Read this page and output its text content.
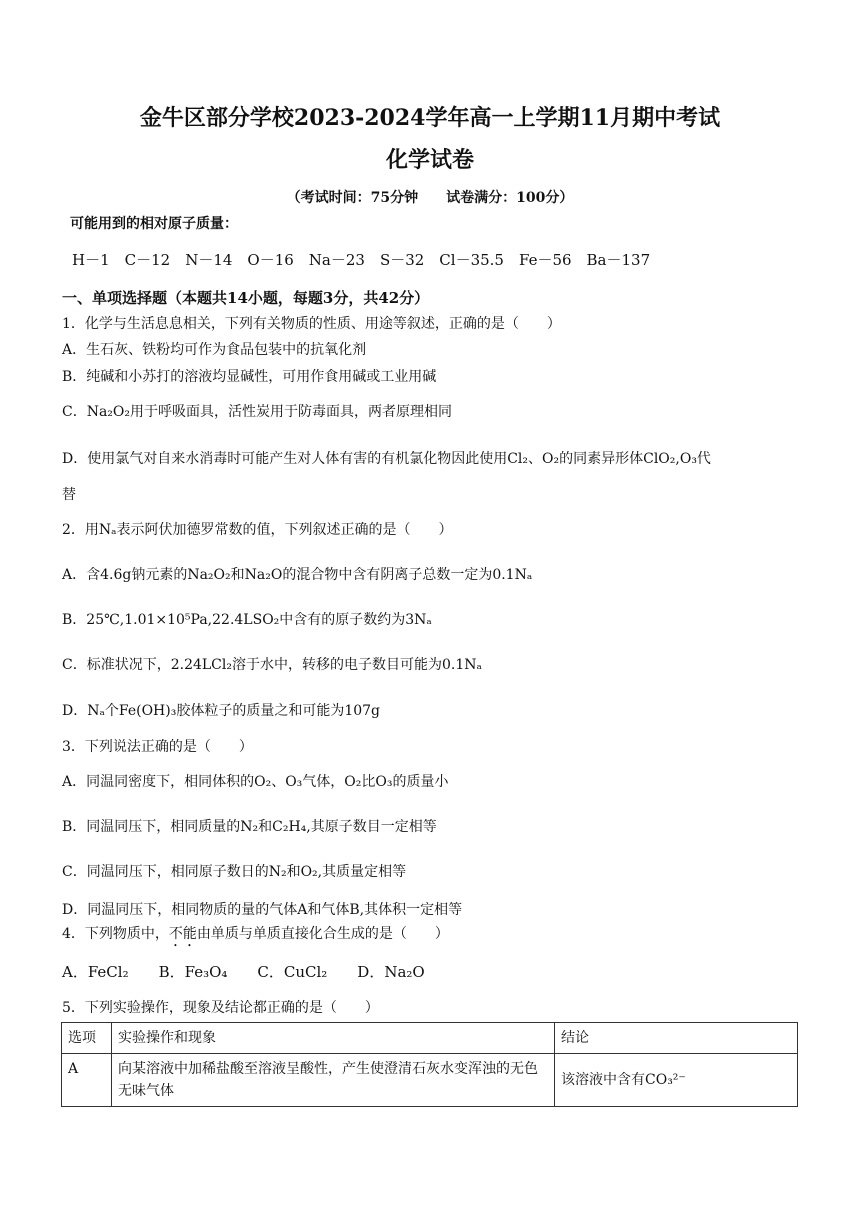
金牛区部分学校2023-2024学年高一上学期11月期中考试
化学试卷
（考试时间：75分钟　　试卷满分：100分）
可能用到的相对原子质量：
H－1　C－12　N－14　O－16　Na－23　S－32　Cl－35.5　Fe－56　Ba－137
一、单项选择题（本题共14小题，每题3分，共42分）
1．化学与生活息息相关，下列有关物质的性质、用途等叙述，正确的是（　　）
A．生石灰、铁粉均可作为食品包装中的抗氧化剂
B．纯碱和小苏打的溶液均显碱性，可用作食用碱或工业用碱
C．Na₂O₂用于呼吸面具，活性炭用于防毒面具，两者原理相同
D．使用氯气对自来水消毒时可能产生对人体有害的有机氯化物因此使用Cl₂、O₂的同素异形体ClO₂,O₃代
替
2．用Nₐ表示阿伏加德罗常数的值，下列叙述正确的是（　　）
A．含4.6g钠元素的Na₂O₂和Na₂O的混合物中含有阴离子总数一定为0.1Nₐ
B．25℃,1.01×10⁵Pa,22.4LSO₂中含有的原子数约为3Nₐ
C．标准状况下，2.24LCl₂溶于水中，转移的电子数目可能为0.1Nₐ
D．Nₐ个Fe(OH)₃胶体粒子的质量之和可能为107g
3．下列说法正确的是（　　）
A．同温同密度下，相同体积的O₂、O₃气体，O₂比O₃的质量小
B．同温同压下，相同质量的N₂和C₂H₄,其原子数目一定相等
C．同温同压下，相同原子数日的N₂和O₂,其质量定相等
D．同温同压下，相同物质的量的气体A和气体B,其体积一定相等
4．下列物质中，不能由单质与单质直接化合生成的是（　　）
A．FeCl₂　　B．Fe₃O₄　　C．CuCl₂　　D．Na₂O
5．下列实验操作，现象及结论都正确的是（　　）
选项	实验操作和现象	结论
A	向某溶液中加稀盐酸至溶液呈酸性，产生使澄清石灰水变浑浊的无色无味气体	该溶液中含有CO₃²⁻
